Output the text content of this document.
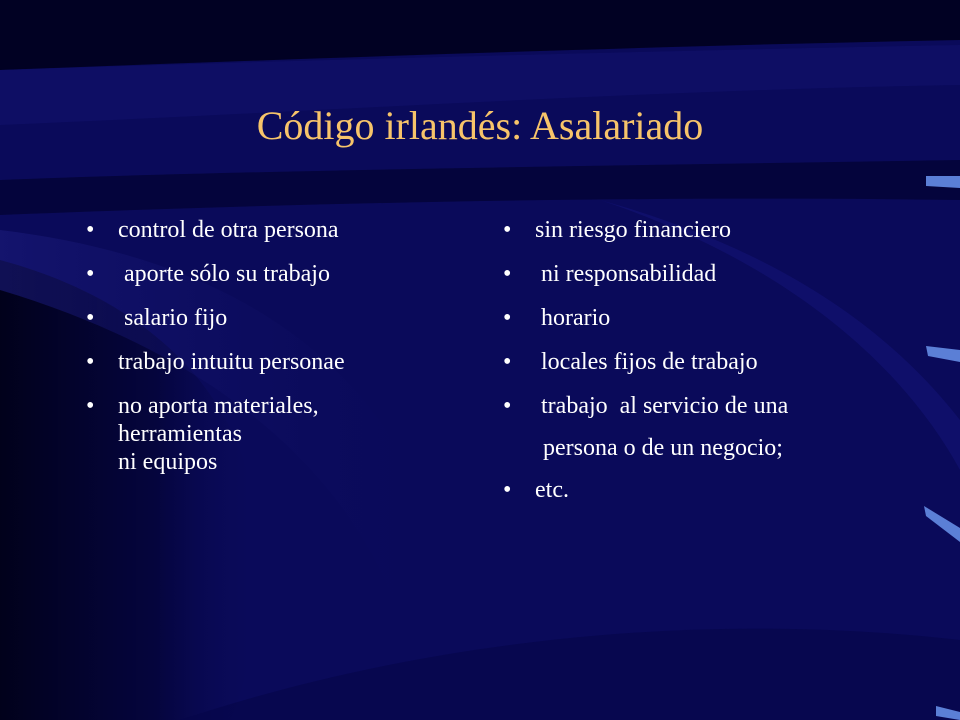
Código irlandés: Asalariado
• control de otra persona
• aporte sólo su trabajo
• salario fijo
• trabajo intuitu personae
• no aporta materiales,
herramientas
ni equipos
• sin riesgo financiero
• ni responsabilidad
• horario
• locales fijos de trabajo
• trabajo  al servicio de una
persona o de un negocio;
• etc.
